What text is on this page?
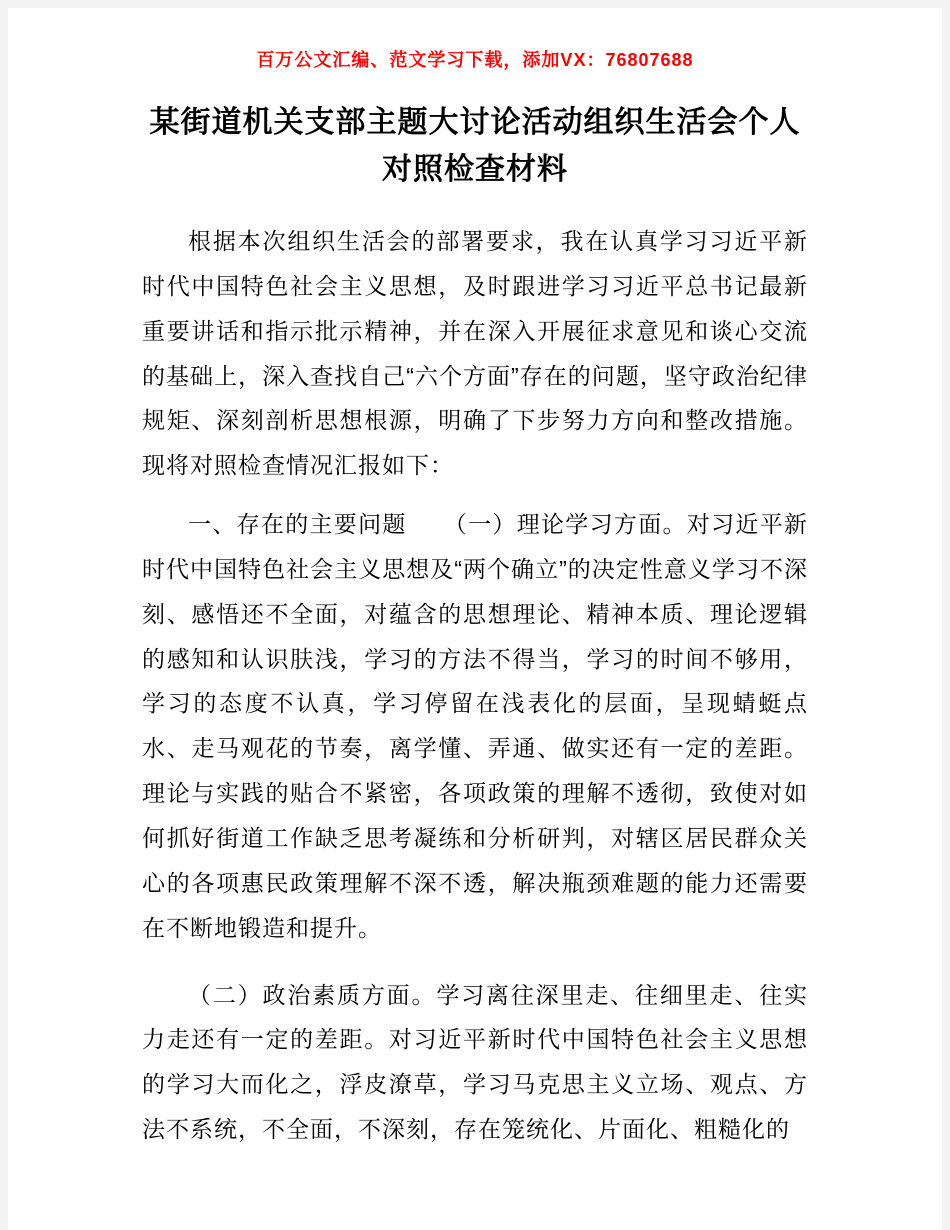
百万公文汇编、范文学习下载，添加VX：76807688
某街道机关支部主题大讨论活动组织生活会个人对照检查材料

根据本次组织生活会的部署要求，我在认真学习习近平新时代中国特色社会主义思想，及时跟进学习习近平总书记最新重要讲话和指示批示精神，并在深入开展征求意见和谈心交流的基础上，深入查找自己“六个方面”存在的问题，坚守政治纪律规矩、深刻剖析思想根源，明确了下步努力方向和整改措施。现将对照检查情况汇报如下：

一、存在的主要问题　　（一）理论学习方面。对习近平新时代中国特色社会主义思想及“两个确立”的决定性意义学习不深刻、感悟还不全面，对蕴含的思想理论、精神本质、理论逻辑的感知和认识肤浅，学习的方法不得当，学习的时间不够用，学习的态度不认真，学习停留在浅表化的层面，呈现蜻蜓点水、走马观花的节奏，离学懂、弄通、做实还有一定的差距。理论与实践的贴合不紧密，各项政策的理解不透彻，致使对如何抓好街道工作缺乏思考凝练和分析研判，对辖区居民群众关心的各项惠民政策理解不深不透，解决瓶颈难题的能力还需要在不断地锻造和提升。

（二）政治素质方面。学习离往深里走、往细里走、往实力走还有一定的差距。对习近平新时代中国特色社会主义思想的学习大而化之，浮皮潦草，学习马克思主义立场、观点、方法不系统，不全面，不深刻，存在笼统化、片面化、粗糙化的
